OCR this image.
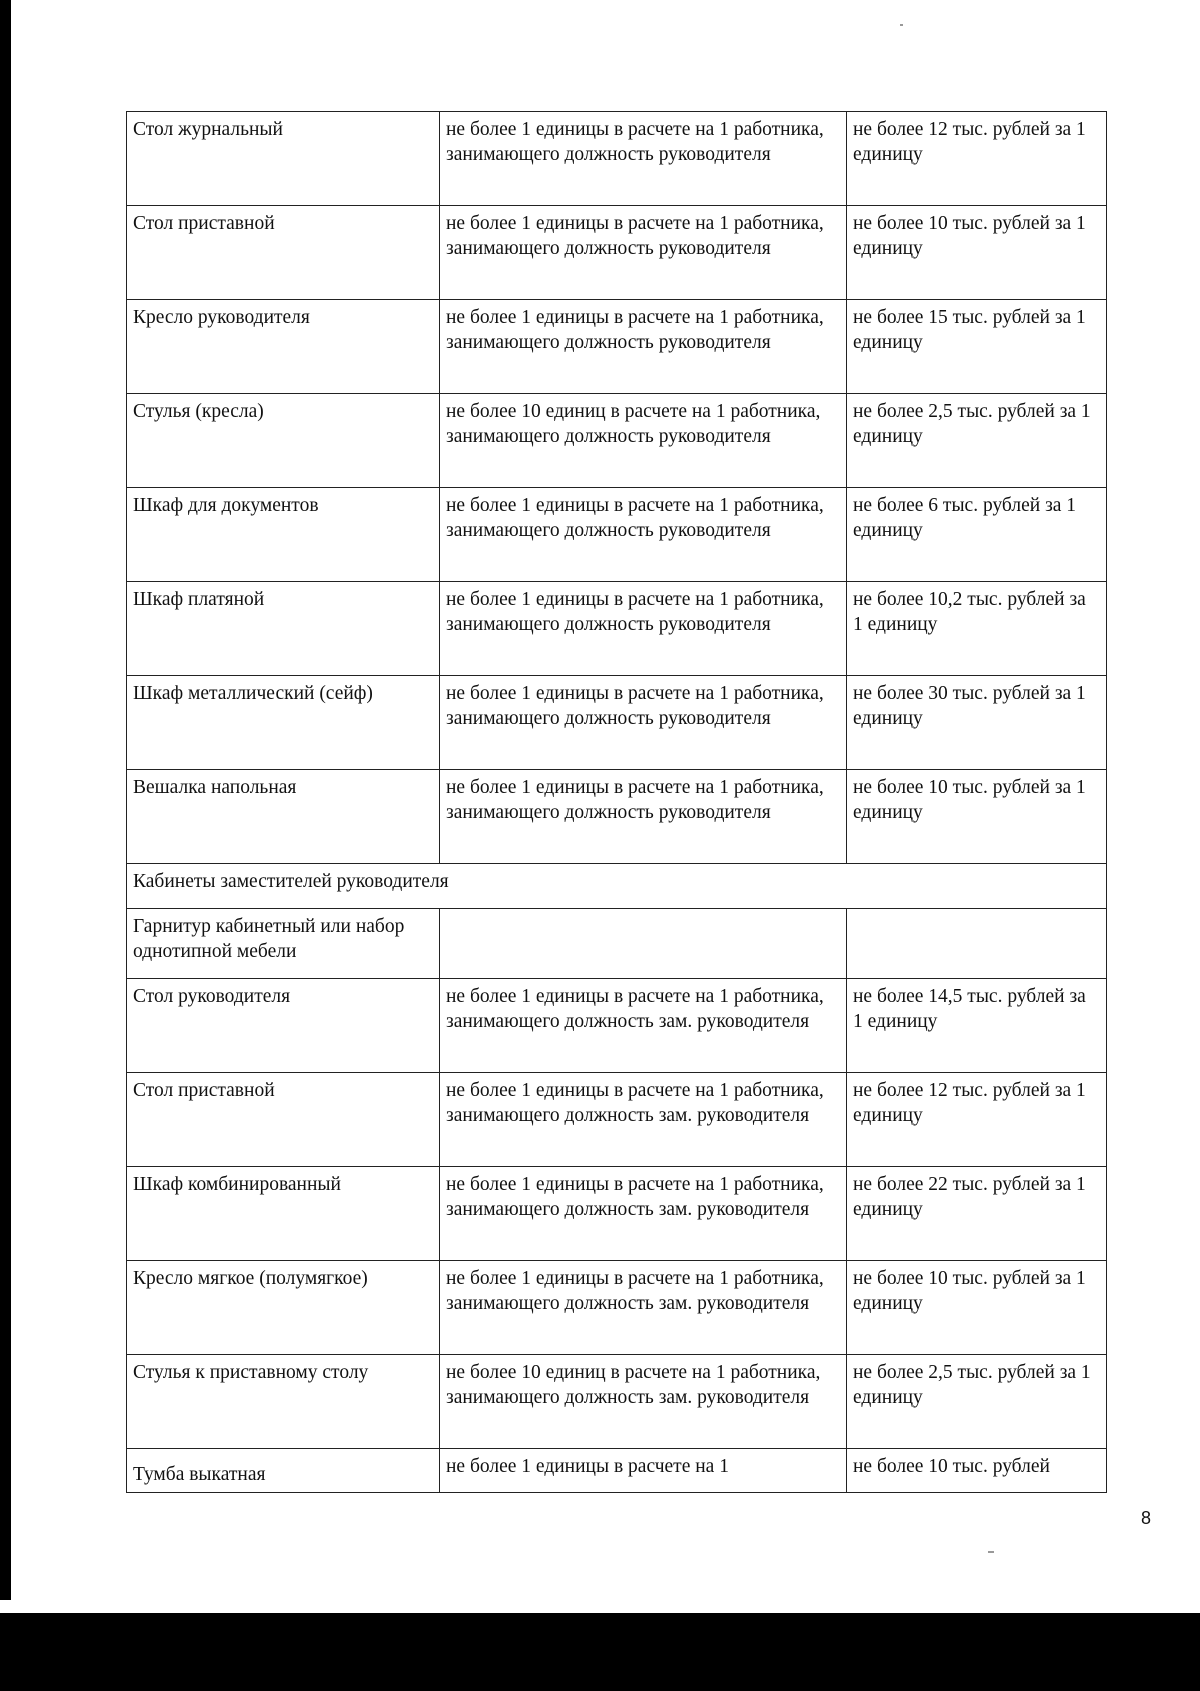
Стол журнальный	не более 1 единицы в расчете на 1 работника, занимающего должность руководителя	не более 12 тыс. рублей за 1 единицу
Стол приставной	не более 1 единицы в расчете на 1 работника, занимающего должность руководителя	не более 10 тыс. рублей за 1 единицу
Кресло руководителя	не более 1 единицы в расчете на 1 работника, занимающего должность руководителя	не более 15 тыс. рублей за 1 единицу
Стулья (кресла)	не более 10 единиц в расчете на 1 работника, занимающего должность руководителя	не более 2,5 тыс. рублей за 1 единицу
Шкаф для документов	не более 1 единицы в расчете на 1 работника, занимающего должность руководителя	не более 6 тыс. рублей за 1 единицу
Шкаф платяной	не более 1 единицы в расчете на 1 работника, занимающего должность руководителя	не более 10,2 тыс. рублей за 1 единицу
Шкаф металлический (сейф)	не более 1 единицы в расчете на 1 работника, занимающего должность руководителя	не более 30 тыс. рублей за 1 единицу
Вешалка напольная	не более 1 единицы в расчете на 1 работника, занимающего должность руководителя	не более 10 тыс. рублей за 1 единицу
Кабинеты заместителей руководителя		
Гарнитур кабинетный или набор однотипной мебели		
Стол руководителя	не более 1 единицы в расчете на 1 работника, занимающего должность зам. руководителя	не более 14,5 тыс. рублей за 1 единицу
Стол приставной	не более 1 единицы в расчете на 1 работника, занимающего должность зам. руководителя	не более 12 тыс. рублей за 1 единицу
Шкаф комбинированный	не более 1 единицы в расчете на 1 работника, занимающего должность зам. руководителя	не более 22 тыс. рублей за 1 единицу
Кресло мягкое (полумягкое)	не более 1 единицы в расчете на 1 работника, занимающего должность зам. руководителя	не более 10 тыс. рублей за 1 единицу
Стулья к приставному столу	не более 10 единиц в расчете на 1 работника, занимающего должность зам. руководителя	не более 2,5 тыс. рублей за 1 единицу
Тумба выкатная	не более 1 единицы в расчете на 1	не более 10 тыс. рублей
8
